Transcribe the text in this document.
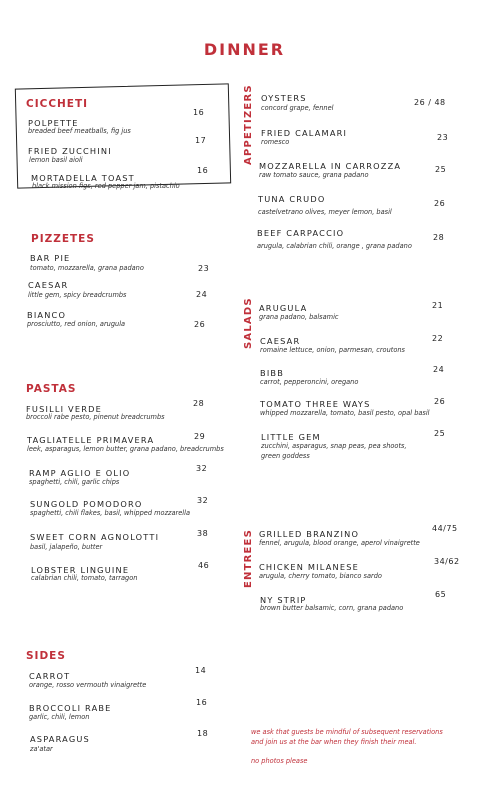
DINNER
CICCHETI
POLPETTE
breaded beef meatballs, fig jus
16
FRIED ZUCCHINI
lemon basil aioli
17
MORTADELLA TOAST
black mission figs, red pepper jam, pistachio
16
PIZZETES
BAR PIE
tomato, mozzarella, grana padano	23
CAESAR
little gem, spicy breadcrumbs	24
BIANCO
prosciutto, red onion, arugula	26
PASTAS
FUSILLI VERDE
broccoli rabe pesto, pinenut breadcrumbs
28
TAGLIATELLE PRIMAVERA
leek, asparagus, lemon butter, grana padano, breadcrumbs
29
RAMP AGLIO E OLIO
spaghetti, chili, garlic chips
32
SUNGOLD POMODORO
spaghetti, chili flakes, basil, whipped mozzarella
32
SWEET CORN AGNOLOTTI
basil, jalapeño, butter
38
LOBSTER LINGUINE
calabrian chili, tomato, tarragon
46
SIDES
CARROT
orange, rosso vermouth vinaigrette
14
BROCCOLI RABE
garlic, chili, lemon
16
ASPARAGUS
za'atar
18
APPETIZERS OYSTERS
concord grape, fennel
26 / 48
FRIED CALAMARI
romesco	23
MOZZARELLA IN CARROZZA
raw tomato sauce, grana padano
25
TUNA CRUDO
castelvetrano olives, meyer lemon, basil
26
BEEF CARPACCIO
arugula, calabrian chili, orange , grana padano
28
SALADS ARUGULA
grana padano, balsamic
21
CAESAR
romaine lettuce, onion, parmesan, croutons
22
BIBB
carrot, pepperoncini, oregano
24
TOMATO THREE WAYS
whipped mozzarella, tomato, basil pesto, opal basil
26
LITTLE GEM
zucchini, asparagus, snap peas, pea shoots,
green goddess
25
ENTREES GRILLED BRANZINO
fennel, arugula, blood orange, aperol vinaigrette
44/75
CHICKEN MILANESE
arugula, cherry tomato, bianco sardo
34/62
NY STRIP
brown butter balsamic, corn, grana padano
65
we ask that guests be mindful of subsequent reservations
and join us at the bar when they finish their meal.
no photos please
